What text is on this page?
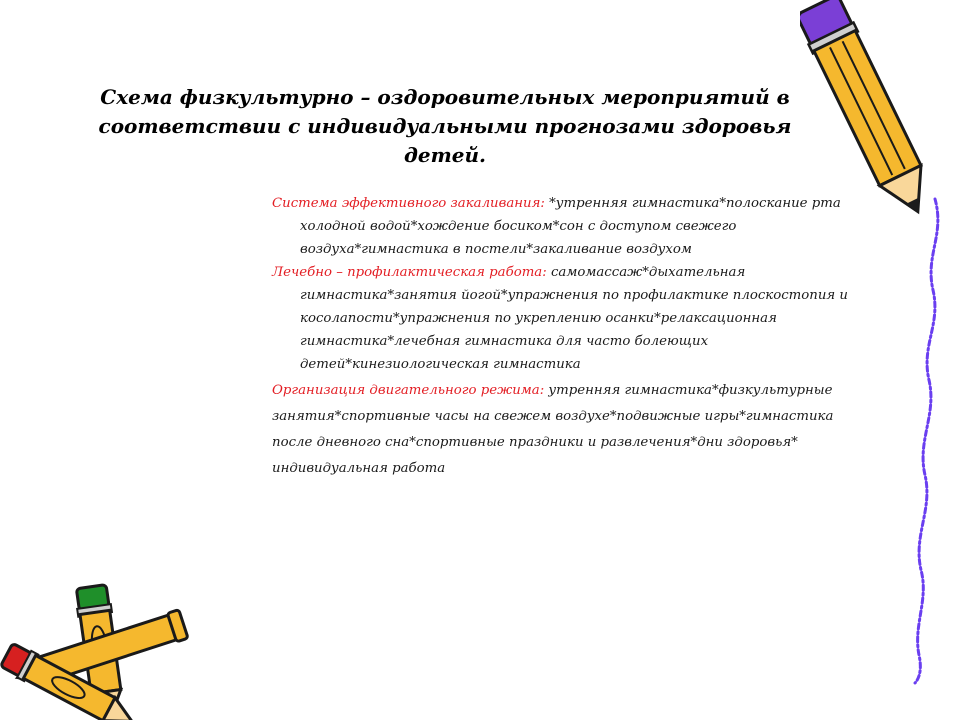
Схема физкультурно – оздоровительных мероприятий в
соответствии с индивидуальными прогнозами здоровья детей.
Система эффективного закаливания: *утренняя гимнастика*полоскание рта
холодной водой*хождение босиком*сон с доступом свежего
воздуха*гимнастика в постели*закаливание воздухом
Лечебно – профилактическая работа: самомассаж*дыхательная
гимнастика*занятия йогой*упражнения по профилактике плоскостопия и
косолапости*упражнения по укреплению осанки*релаксационная
гимнастика*лечебная гимнастика для часто болеющих
детей*кинезиологическая гимнастика
Организация двигательного режима: утренняя гимнастика*физкультурные
занятия*спортивные часы на свежем воздухе*подвижные игры*гимнастика
после дневного сна*спортивные праздники и развлечения*дни здоровья*
индивидуальная работа
